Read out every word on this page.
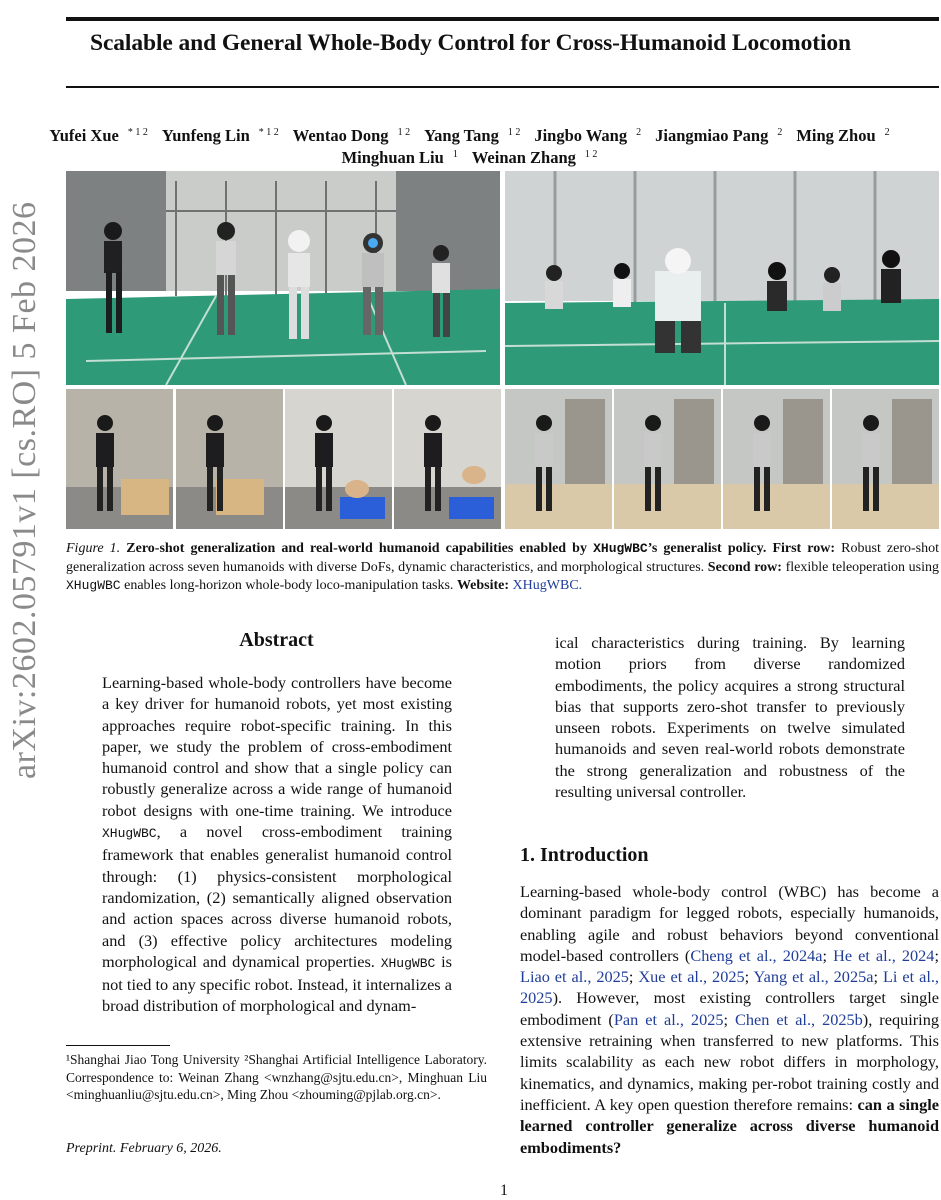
Scalable and General Whole-Body Control for Cross-Humanoid Locomotion
Yufei Xue $^{* 1 2}$ Yunfeng Lin $^{* 1 2}$ Wentao Dong $^{1 2}$ Yang Tang $^{1 2}$ Jingbo Wang $^2$ Jiangmiao Pang $^2$ Ming Zhou $^2$
Minghuan Liu $^1$ Weinan Zhang $^{1 2}$
arXiv:2602.05791v1 [cs.RO] 5 Feb 2026 Figure 1. Zero-shot generalization and real-world humanoid capabilities enabled by XHugWBC’s generalist policy. First row: Robust zero-shot generalization across seven humanoids with diverse DoFs, dynamic characteristics, and morphological structures. Second row: flexible teleoperation using XHugWBC enables long-horizon whole-body loco-manipulation tasks. Website: XHugWBC.
Abstract
Learning-based whole-body controllers have become a key driver for humanoid robots, yet most existing approaches require robot-specific training. In this paper, we study the problem of cross-embodiment humanoid control and show that a single policy can robustly generalize across a wide range of humanoid robot designs with one-time training. We introduce XHugWBC, a novel cross-embodiment training framework that enables generalist humanoid control through: (1) physics-consistent morphological randomization, (2) semantically aligned observation and action spaces across diverse humanoid robots, and (3) effective policy architectures modeling morphological and dynamical properties. XHugWBC is not tied to any specific robot. Instead, it internalizes a broad distribution of morphological and dynam-
¹Shanghai Jiao Tong University ²Shanghai Artificial Intelligence Laboratory. Correspondence to: Weinan Zhang <wnzhang@sjtu.edu.cn>, Minghuan Liu <minghuanliu@sjtu.edu.cn>, Ming Zhou <zhouming@pjlab.org.cn>.
Preprint. February 6, 2026.
ical characteristics during training. By learning motion priors from diverse randomized embodiments, the policy acquires a strong structural bias that supports zero-shot transfer to previously unseen robots. Experiments on twelve simulated humanoids and seven real-world robots demonstrate the strong generalization and robustness of the resulting universal controller.
1. Introduction
Learning-based whole-body control (WBC) has become a dominant paradigm for legged robots, especially humanoids, enabling agile and robust behaviors beyond conventional model-based controllers (Cheng et al., 2024a; He et al., 2024; Liao et al., 2025; Xue et al., 2025; Yang et al., 2025a; Li et al., 2025). However, most existing controllers target single embodiment (Pan et al., 2025; Chen et al., 2025b), requiring extensive retraining when transferred to new platforms. This limits scalability as each new robot differs in morphology, kinematics, and dynamics, making per-robot training costly and inefficient. A key open question therefore remains: can a single learned controller generalize across diverse humanoid embodiments?
1
